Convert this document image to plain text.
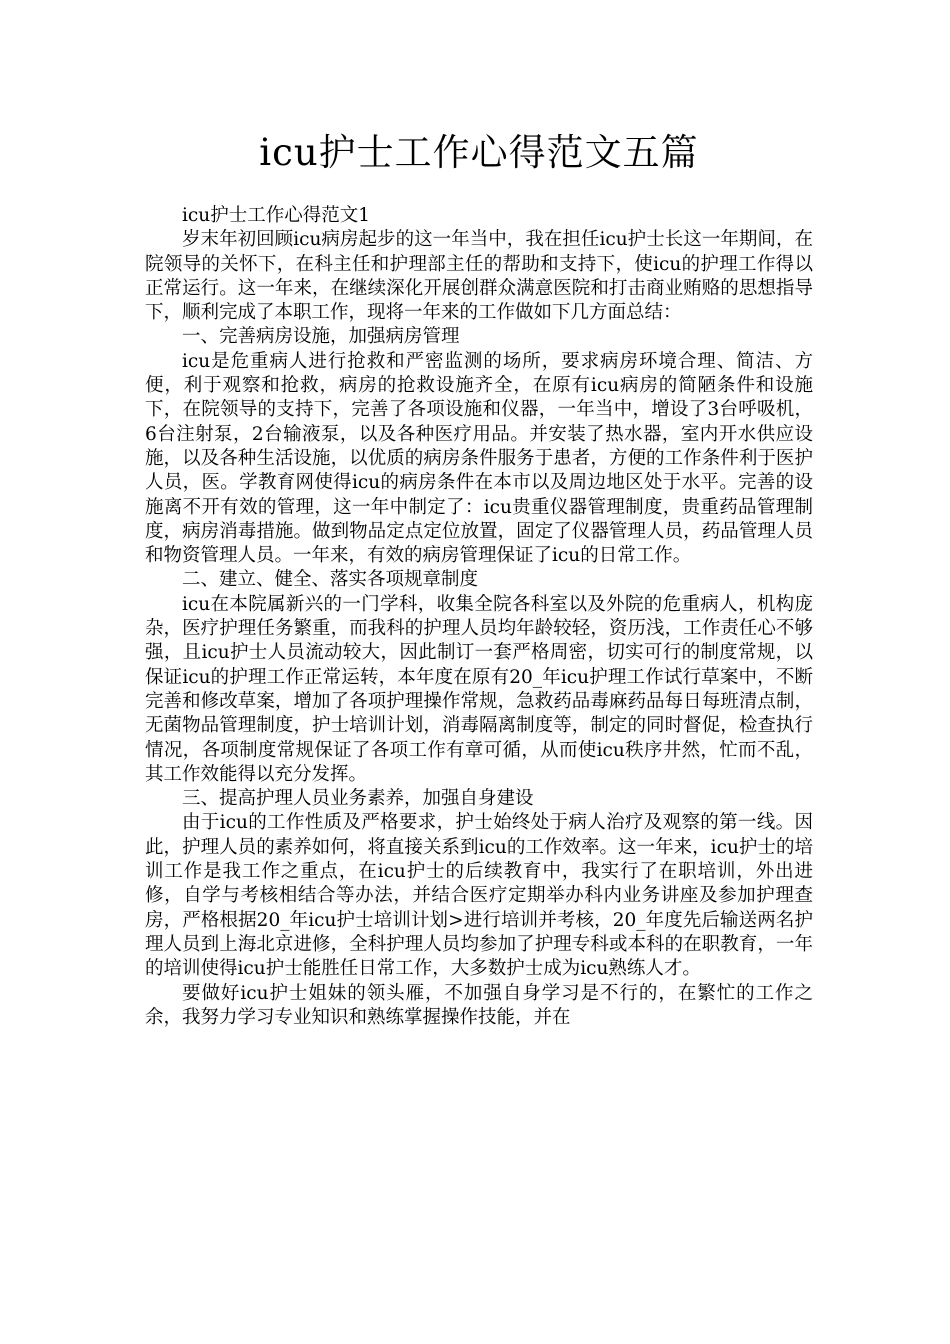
icu护士工作心得范文五篇

icu护士工作心得范文1

岁末年初回顾icu病房起步的这一年当中，我在担任icu护士长这一年期间，在院领导的关怀下，在科主任和护理部主任的帮助和支持下，使icu的护理工作得以正常运行。这一年来，在继续深化开展创群众满意医院和打击商业贿赂的思想指导下，顺利完成了本职工作，现将一年来的工作做如下几方面总结：

一、完善病房设施，加强病房管理

icu是危重病人进行抢救和严密监测的场所，要求病房环境合理、简洁、方便，利于观察和抢救，病房的抢救设施齐全，在原有icu病房的简陋条件和设施下，在院领导的支持下，完善了各项设施和仪器，一年当中，增设了3台呼吸机，6台注射泵，2台输液泵，以及各种医疗用品。并安装了热水器，室内开水供应设施，以及各种生活设施，以优质的病房条件服务于患者，方便的工作条件利于医护人员，医。学教育网使得icu的病房条件在本市以及周边地区处于水平。完善的设施离不开有效的管理，这一年中制定了：icu贵重仪器管理制度，贵重药品管理制度，病房消毒措施。做到物品定点定位放置，固定了仪器管理人员，药品管理人员和物资管理人员。一年来，有效的病房管理保证了icu的日常工作。

二、建立、健全、落实各项规章制度

icu在本院属新兴的一门学科，收集全院各科室以及外院的危重病人，机构庞杂，医疗护理任务繁重，而我科的护理人员均年龄较轻，资历浅，工作责任心不够强，且icu护士人员流动较大，因此制订一套严格周密，切实可行的制度常规，以保证icu的护理工作正常运转，本年度在原有20_年icu护理工作试行草案中，不断完善和修改草案，增加了各项护理操作常规，急救药品毒麻药品每日每班清点制，无菌物品管理制度，护士培训计划，消毒隔离制度等，制定的同时督促，检查执行情况，各项制度常规保证了各项工作有章可循，从而使icu秩序井然，忙而不乱，其工作效能得以充分发挥。

三、提高护理人员业务素养，加强自身建设

由于icu的工作性质及严格要求，护士始终处于病人治疗及观察的第一线。因此，护理人员的素养如何，将直接关系到icu的工作效率。这一年来，icu护士的培训工作是我工作之重点，在icu护士的后续教育中，我实行了在职培训，外出进修，自学与考核相结合等办法，并结合医疗定期举办科内业务讲座及参加护理查房，严格根据20_年icu护士培训计划>进行培训并考核，20_年度先后输送两名护理人员到上海北京进修，全科护理人员均参加了护理专科或本科的在职教育，一年的培训使得icu护士能胜任日常工作，大多数护士成为icu熟练人才。

要做好icu护士姐妹的领头雁，不加强自身学习是不行的，在繁忙的工作之余，我努力学习专业知识和熟练掌握操作技能，并在
